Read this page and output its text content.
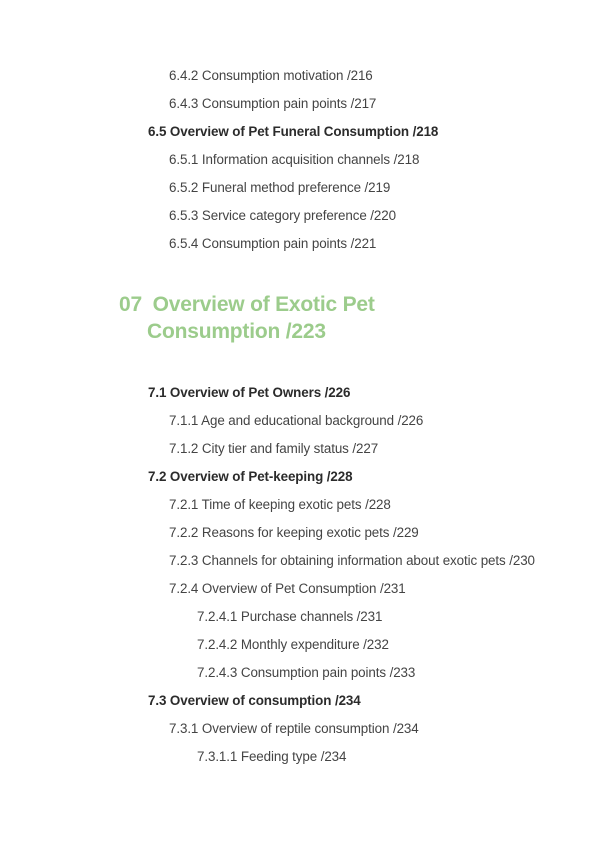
6.4.2 Consumption motivation /216
6.4.3 Consumption pain points /217
6.5 Overview of Pet Funeral Consumption /218
6.5.1 Information acquisition channels /218
6.5.2 Funeral method preference /219
6.5.3 Service category preference /220
6.5.4 Consumption pain points /221
07 Overview of Exotic Pet
Consumption /223
7.1 Overview of Pet Owners /226
7.1.1 Age and educational background /226
7.1.2 City tier and family status /227
7.2 Overview of Pet-keeping /228
7.2.1 Time of keeping exotic pets /228
7.2.2 Reasons for keeping exotic pets /229
7.2.3 Channels for obtaining information about exotic pets /230
7.2.4 Overview of Pet Consumption /231
7.2.4.1 Purchase channels /231
7.2.4.2 Monthly expenditure /232
7.2.4.3 Consumption pain points /233
7.3 Overview of consumption /234
7.3.1 Overview of reptile consumption /234
7.3.1.1 Feeding type /234
